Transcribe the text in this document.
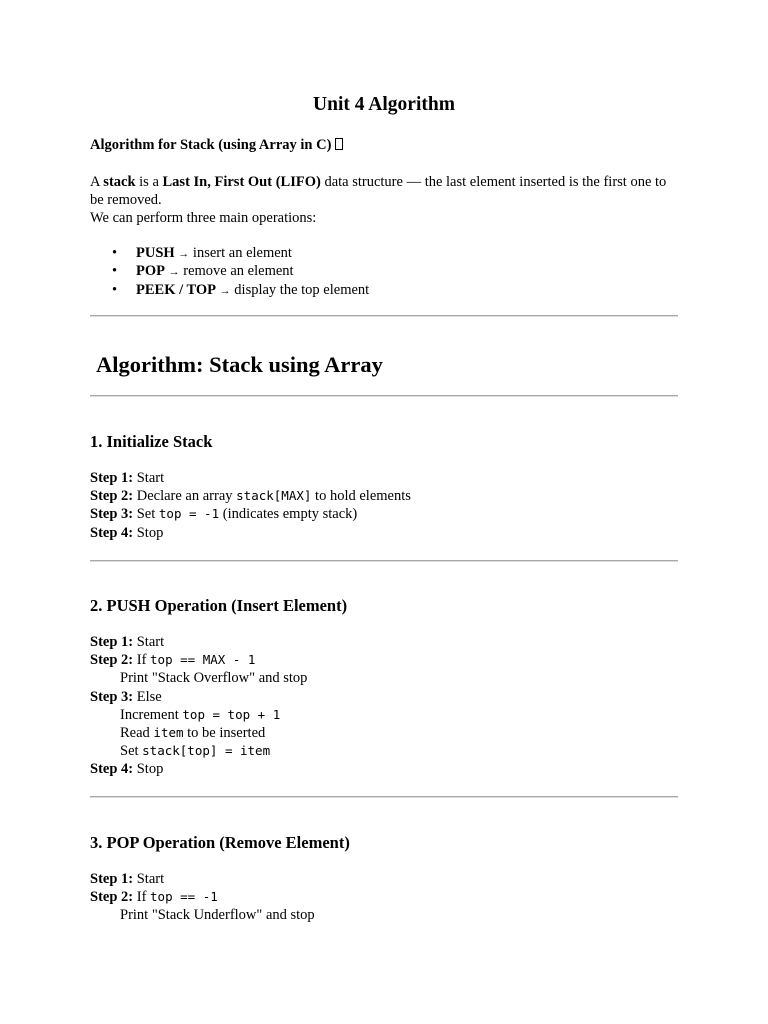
Unit 4 Algorithm
Algorithm for Stack (using Array in C)

A stack is a Last In, First Out (LIFO) data structure — the last element inserted is the first one to be removed.

We can perform three main operations:

• PUSH → insert an element
• POP → remove an element
• PEEK / TOP → display the top element
Algorithm: Stack using Array
1. Initialize Stack
Step 1: Start
Step 2: Declare an array stack[MAX] to hold elements
Step 3: Set top = -1 (indicates empty stack)
Step 4: Stop
2. PUSH Operation (Insert Element)
Step 1: Start
Step 2: If top == MAX - 1
Print "Stack Overflow" and stop
Step 3: Else
Increment top = top + 1
Read item to be inserted
Set stack[top] = item
Step 4: Stop
3. POP Operation (Remove Element)
Step 1: Start
Step 2: If top == -1
Print "Stack Underflow" and stop
